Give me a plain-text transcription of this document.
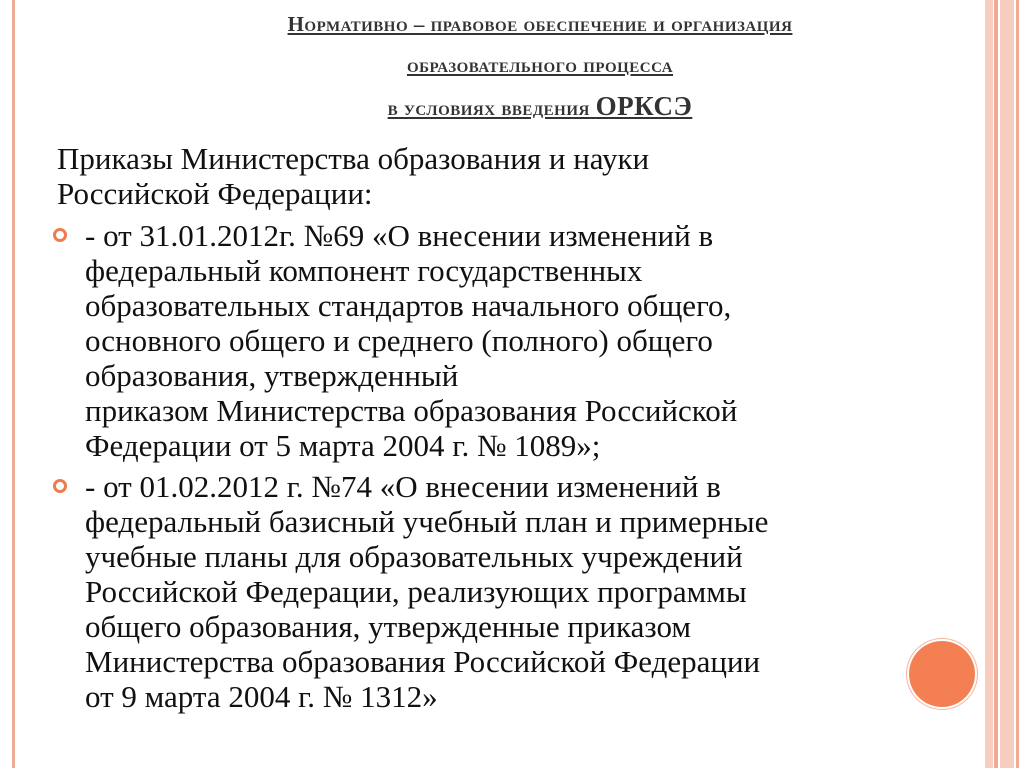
Нормативно – правовое обеспечение и организация
образовательного процесса
в условиях введения ОРКСЭ
Приказы Министерства образования и науки
Российской Федерации:
- от 31.01.2012г. №69 «О внесении изменений в
федеральный компонент государственных
образовательных стандартов начального общего,
основного общего и среднего (полного) общего
образования, утвержденный
приказом Министерства образования Российской
Федерации от 5 марта 2004 г. № 1089»;
- от 01.02.2012 г. №74 «О внесении изменений в
федеральный базисный учебный план и примерные
учебные планы для образовательных учреждений
Российской Федерации, реализующих программы
общего образования, утвержденные приказом
Министерства образования Российской Федерации
от 9 марта 2004 г. № 1312»
